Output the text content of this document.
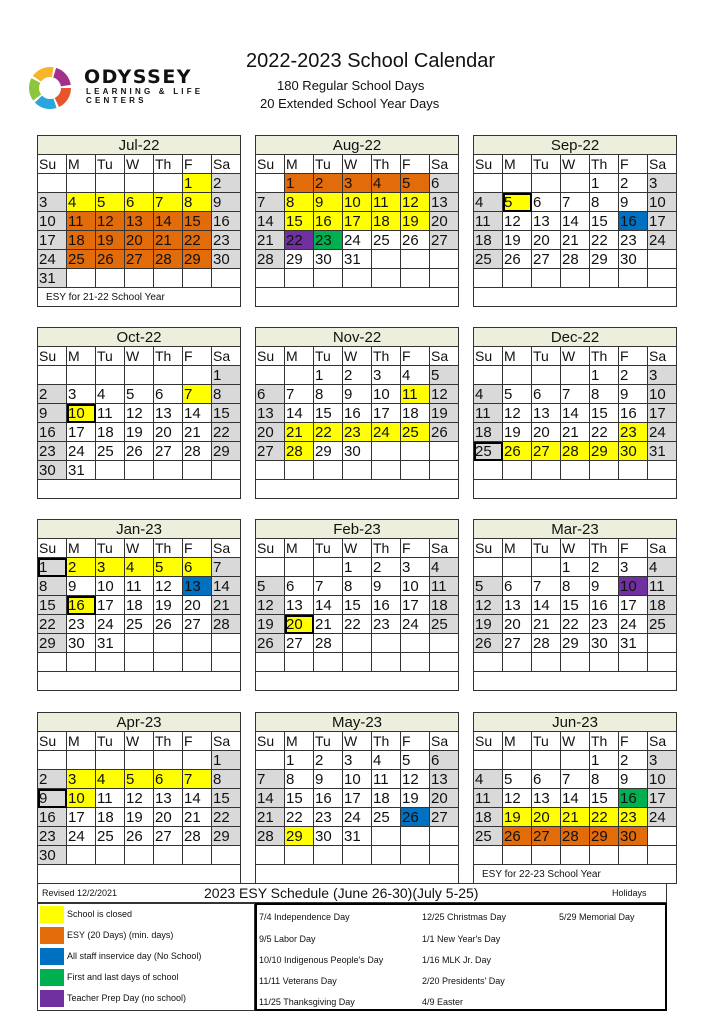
ODYSSEY
LEARNING & LIFE CENTERS
2022-2023 School Calendar
180 Regular School Days
20 Extended School Year Days
Jul-22						
Su	M	Tu	W	Th	F	Sa
					1	2
3	4	5	6	7	8	9
10	11	12	13	14	15	16
17	18	19	20	21	22	23
24	25	26	27	28	29	30
31						
ESY for 21-22 School Year						
Aug-22						
Su	M	Tu	W	Th	F	Sa
	1	2	3	4	5	6
7	8	9	10	11	12	13
14	15	16	17	18	19	20
21	22	23	24	25	26	27
28	29	30	31			

Sep-22						
Su	M	Tu	W	Th	F	Sa
				1	2	3
4	5	6	7	8	9	10
11	12	13	14	15	16	17
18	19	20	21	22	23	24
25	26	27	28	29	30	

Oct-22						
Su	M	Tu	W	Th	F	Sa
						1
2	3	4	5	6	7	8
9	10	11	12	13	14	15
16	17	18	19	20	21	22
23	24	25	26	27	28	29
30	31					

Nov-22						
Su	M	Tu	W	Th	F	Sa
		1	2	3	4	5
6	7	8	9	10	11	12
13	14	15	16	17	18	19
20	21	22	23	24	25	26
27	28	29	30			

Dec-22						
Su	M	Tu	W	Th	F	Sa
				1	2	3
4	5	6	7	8	9	10
11	12	13	14	15	16	17
18	19	20	21	22	23	24
25	26	27	28	29	30	31

Jan-23						
Su	M	Tu	W	Th	F	Sa
1	2	3	4	5	6	7
8	9	10	11	12	13	14
15	16	17	18	19	20	21
22	23	24	25	26	27	28
29	30	31				

Feb-23						
Su	M	Tu	W	Th	F	Sa
			1	2	3	4
5	6	7	8	9	10	11
12	13	14	15	16	17	18
19	20	21	22	23	24	25
26	27	28				

Mar-23						
Su	M	Tu	W	Th	F	Sa
			1	2	3	4
5	6	7	8	9	10	11
12	13	14	15	16	17	18
19	20	21	22	23	24	25
26	27	28	29	30	31	

Apr-23						
Su	M	Tu	W	Th	F	Sa
						1
2	3	4	5	6	7	8
9	10	11	12	13	14	15
16	17	18	19	20	21	22
23	24	25	26	27	28	29
30						

May-23						
Su	M	Tu	W	Th	F	Sa
	1	2	3	4	5	6
7	8	9	10	11	12	13
14	15	16	17	18	19	20
21	22	23	24	25	26	27
28	29	30	31			

Jun-23						
Su	M	Tu	W	Th	F	Sa
				1	2	3
4	5	6	7	8	9	10
11	12	13	14	15	16	17
18	19	20	21	22	23	24
25	26	27	28	29	30	

ESY for 22-23 School Year						
Revised 12/2/2021	2023 ESY Schedule (June 26-30)(July 5-25)	Holidays
School is closed
ESY (20 Days) (min. days)
All staff inservice day (No School)
First and last days of school
Teacher Prep Day (no school)
7/4 Independence Day
9/5 Labor Day
10/10 Indigenous People's Day
11/11 Veterans Day
11/25 Thanksgiving Day
12/25 Christmas Day
1/1 New Year's Day
1/16 MLK Jr. Day
2/20 Presidents' Day
4/9 Easter
5/29 Memorial Day
